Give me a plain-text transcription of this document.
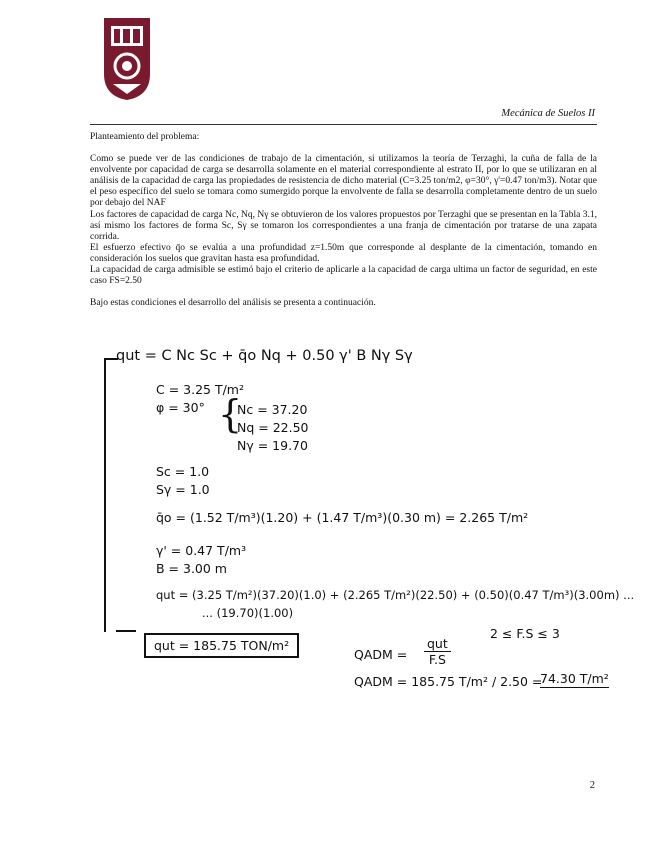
Mecánica de Suelos II

Planteamiento del problema:

Como se puede ver de las condiciones de trabajo de la cimentación, si utilizamos la teoría de Terzaghi, la cuña de falla de la envolvente por capacidad de carga se desarrolla solamente en el material correspondiente al estrato II, por lo que se utilizaran en al análisis de la capacidad de carga las propiedades de resistencia de dicho material (C=3.25 ton/m2, φ=30°, γ'=0.47 ton/m3). Notar que el peso específico del suelo se tomara como sumergido porque la envolvente de falla se desarrolla completamente dentro de un suelo por debajo del NAF

Los factores de capacidad de carga Nc, Nq, Nγ se obtuvieron de los valores propuestos por Terzaghi que se presentan en la Tabla 3.1, así mismo los factores de forma Sc, Sγ se tomaron los correspondientes a una franja de cimentación por tratarse de una zapata corrida.

El esfuerzo efectivo q̄o se evalúa a una profundidad z=1.50m que corresponde al desplante de la cimentación, tomando en consideración los suelos que gravitan hasta esa profundidad.

La capacidad de carga admisible se estimó bajo el criterio de aplicarle a la capacidad de carga ultima un factor de seguridad, en este caso FS=2.50

Bajo estas condiciones el desarrollo del análisis se presenta a continuación.

qut = C Nc Sc + q̄o Nq + 0.50 γ' B Nγ Sγ
C = 3.25 T/m²
φ = 30° {
Nc = 37.20
Nq = 22.50
Nγ = 19.70
Sc = 1.0
Sγ = 1.0
q̄o = (1.52 T/m³)(1.20) + (1.47 T/m³)(0.30 m) = 2.265 T/m²
γ' = 0.47 T/m³
B = 3.00 m
qut = (3.25 T/m²)(37.20)(1.0) + (2.265 T/m²)(22.50) + (0.50)(0.47 T/m³)(3.00m) ...
... (19.70)(1.00)
qut = 185.75 TON/m²
QADM =
qut
F.S
2 ≤ F.S ≤ 3
QADM = 185.75 T/m² / 2.50 =
74.30 T/m²
2
